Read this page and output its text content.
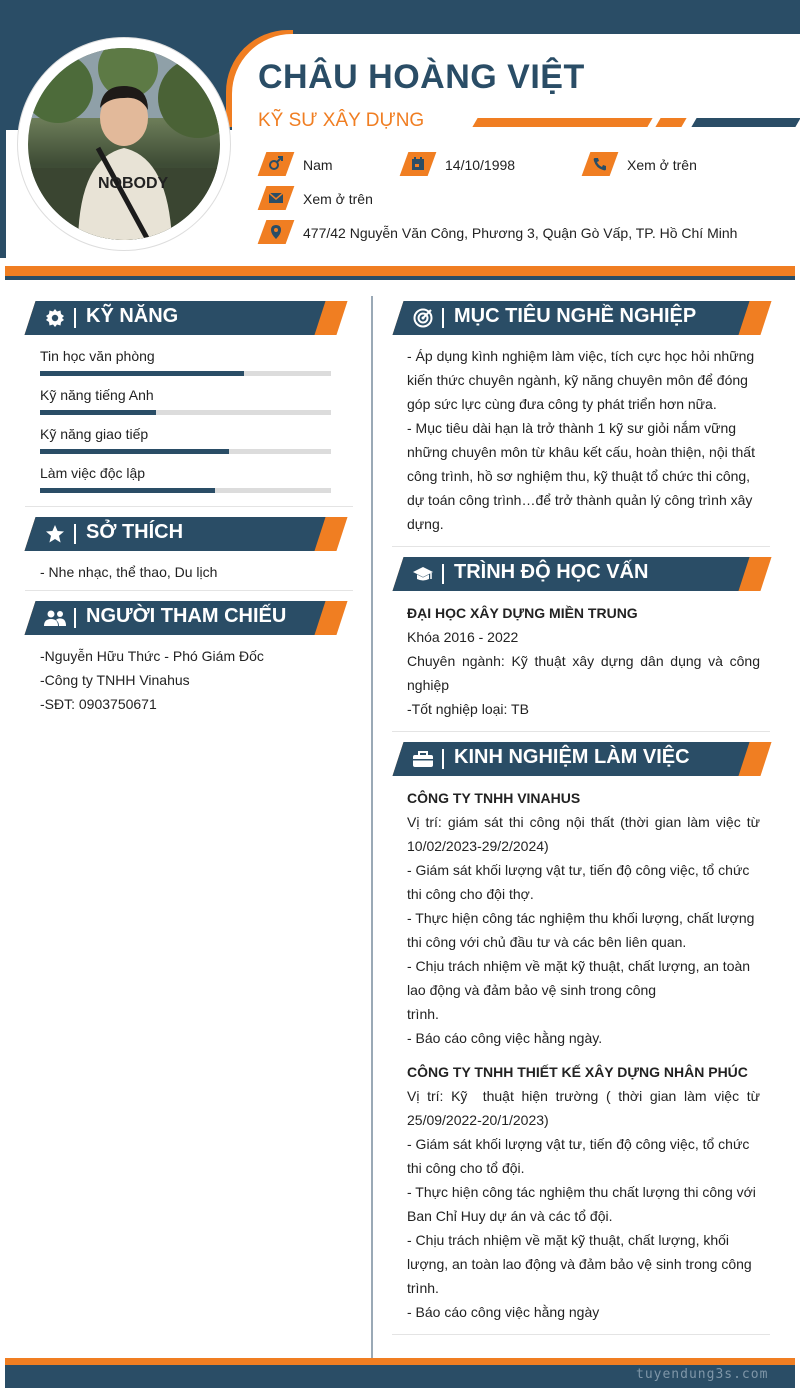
NOBODY
CHÂU HOÀNG VIỆT
KỸ SƯ XÂY DỰNG
Nam	14/10/1998	Xem ở trên
Xem ở trên
477/42 Nguyễn Văn Công, Phương 3, Quận Gò Vấp, TP. Hồ Chí Minh
KỸ NĂNG
Tin học văn phòng
Kỹ năng tiếng Anh
Kỹ năng giao tiếp
Làm việc độc lập
SỞ THÍCH
- Nhe nhạc, thể thao, Du lịch
NGƯỜI THAM CHIẾU
-Nguyễn Hữu Thức - Phó Giám Đốc
-Công ty TNHH Vinahus
-SĐT: 0903750671
MỤC TIÊU NGHỀ NGHIỆP
- Áp dụng kình nghiệm làm việc, tích cực học hỏi những kiến thức chuyên ngành, kỹ năng chuyên môn để đóng góp sức lực cùng đưa công ty phát triển hơn nữa.
- Mục tiêu dài hạn là trở thành 1 kỹ sư giỏi nắm vững những chuyên môn từ khâu kết cấu, hoàn thiện, nội thất công trình, hồ sơ nghiệm thu, kỹ thuật tổ chức thi công, dự toán công trình…để trở thành quản lý công trình xây dựng.
TRÌNH ĐỘ HỌC VẤN
ĐẠI HỌC XÂY DỰNG MIỀN TRUNG
Khóa 2016 - 2022
Chuyên ngành: Kỹ thuật xây dựng dân dụng và công nghiệp
-Tốt nghiệp loại: TB
KINH NGHIỆM LÀM VIỆC
CÔNG TY TNHH VINAHUS
Vị trí: giám sát thi công nội thất (thời gian làm việc từ 10/02/2023-29/2/2024)
- Giám sát khối lượng vật tư, tiến độ công việc, tổ chức thi công cho đội thợ.
- Thực hiện công tác nghiệm thu khối lượng, chất lượng thi công với chủ đầu tư và các bên liên quan.
- Chịu trách nhiệm về mặt kỹ thuật, chất lượng, an toàn lao động và đảm bảo vệ sinh trong công
trình.
- Báo cáo công việc hằng ngày.
CÔNG TY TNHH THIẾT KẾ XÂY DỰNG NHÂN PHÚC
Vị trí: Kỹ  thuật hiện trường ( thời gian làm việc từ 25/09/2022-20/1/2023)
- Giám sát khối lượng vật tư, tiến độ công việc, tổ chức thi công cho tổ đội.
- Thực hiện công tác nghiệm thu chất lượng thi công với Ban Chỉ Huy dự án và các tổ đội.
- Chịu trách nhiệm về mặt kỹ thuật, chất lượng, khối lượng, an toàn lao động và đảm bảo vệ sinh trong công trình.
- Báo cáo công việc hằng ngày
tuyendung3s.com
